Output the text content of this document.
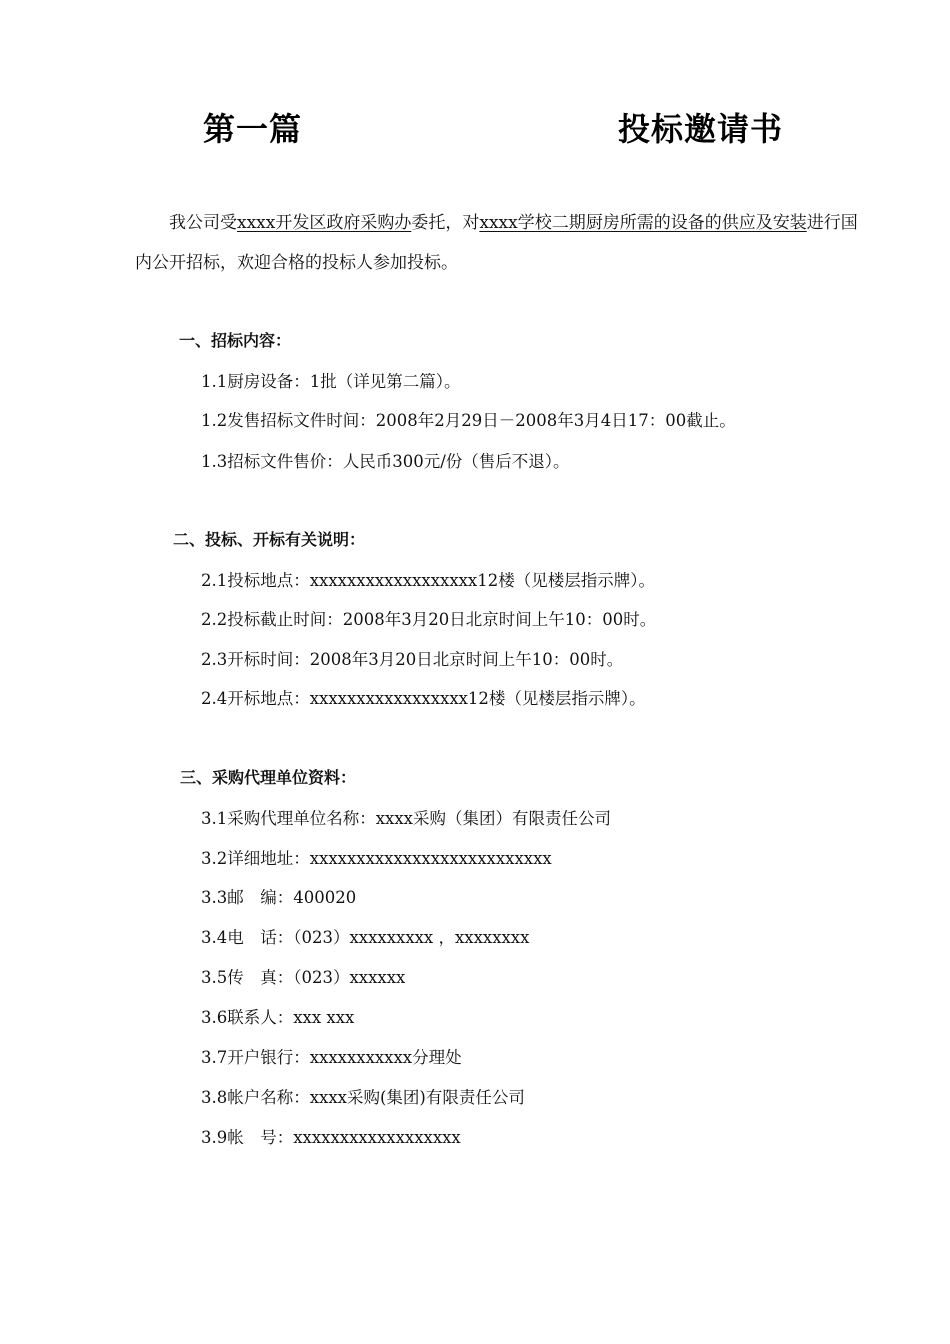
第一篇	投标邀请书

我公司受xxxx开发区政府采购办委托，对xxxx学校二期厨房所需的设备的供应及安装进行国内公开招标，欢迎合格的投标人参加投标。

一、招标内容：
1.1厨房设备：1批（详见第二篇）。
1.2发售招标文件时间：2008年2月29日－2008年3月4日17：00截止。
1.3招标文件售价：人民币300元/份（售后不退）。
二、投标、开标有关说明：
2.1投标地点：xxxxxxxxxxxxxxxxxx12楼（见楼层指示牌）。
2.2投标截止时间：2008年3月20日北京时间上午10：00时。
2.3开标时间：2008年3月20日北京时间上午10：00时。
2.4开标地点：xxxxxxxxxxxxxxxxx12楼（见楼层指示牌）。
三、采购代理单位资料：
3.1采购代理单位名称：xxxx采购（集团）有限责任公司
3.2详细地址：xxxxxxxxxxxxxxxxxxxxxxxxxx
3.3邮　编：400020
3.4电　话：（023）xxxxxxxxx ，xxxxxxxx
3.5传　真：（023）xxxxxx
3.6联系人：xxx xxx
3.7开户银行：xxxxxxxxxxx分理处
3.8帐户名称：xxxx采购(集团)有限责任公司
3.9帐　号：xxxxxxxxxxxxxxxxxx
